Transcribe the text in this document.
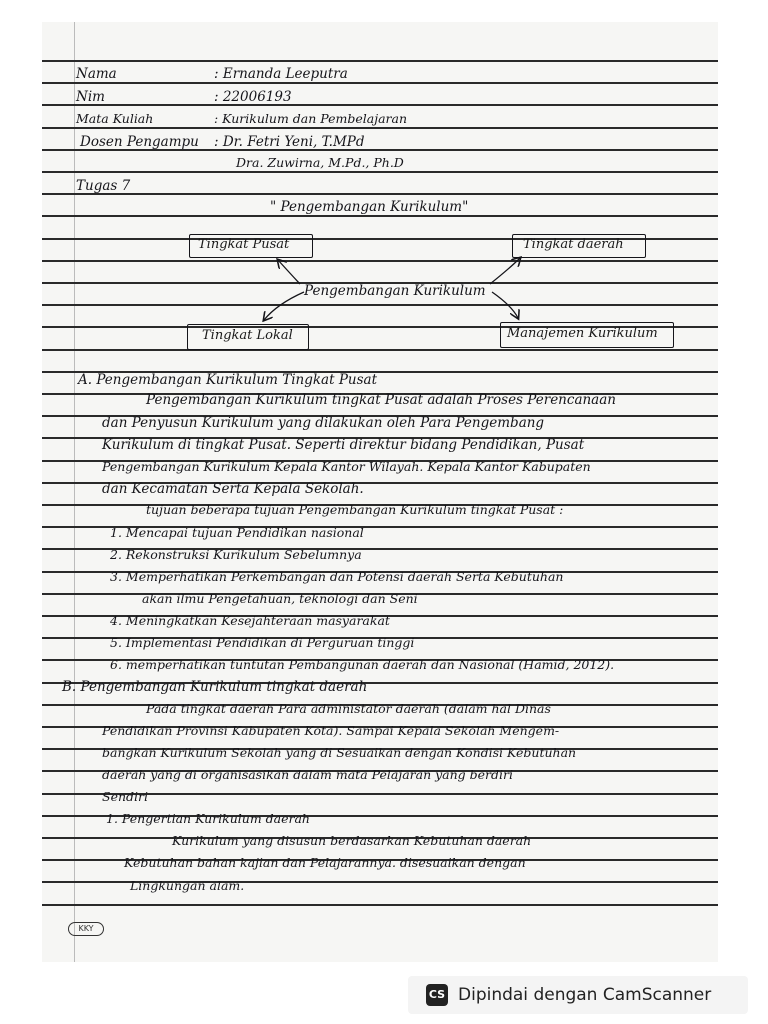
Nama	: Ernanda Leeputra
Nim	: 22006193
Mata Kuliah	: Kurikulum dan Pembelajaran
Dosen Pengampu : Dr. Fetri Yeni, T.MPd
Dra. Zuwirna, M.Pd., Ph.D
Tugas 7
" Pengembangan Kurikulum"
Tingkat Pusat	Tingkat daerah
Pengembangan Kurikulum
Tingkat Lokal	Manajemen Kurikulum
A. Pengembangan Kurikulum Tingkat Pusat
Pengembangan Kurikulum tingkat Pusat adalah Proses Perencanaan
dan Penyusun Kurikulum yang dilakukan oleh Para Pengembang
Kurikulum di tingkat Pusat. Seperti direktur bidang Pendidikan, Pusat
Pengembangan Kurikulum Kepala Kantor Wilayah. Kepala Kantor Kabupaten
dan Kecamatan Serta Kepala Sekolah.
tujuan beberapa tujuan Pengembangan Kurikulum tingkat Pusat :
1. Mencapai tujuan Pendidikan nasional
2. Rekonstruksi Kurikulum Sebelumnya
3. Memperhatikan Perkembangan dan Potensi daerah Serta Kebutuhan
akan ilmu Pengetahuan, teknologi dan Seni
4. Meningkatkan Kesejahteraan masyarakat
5. Implementasi Pendidikan di Perguruan tinggi
6. memperhatikan tuntutan Pembangunan daerah dan Nasional (Hamid, 2012).
B. Pengembangan Kurikulum tingkat daerah
Pada tingkat daerah Para administator daerah (dalam hal Dinas
Pendidikan Provinsi Kabupaten Kota). Sampai Kepala Sekolah Mengem-
bangkan Kurikulum Sekolah yang di Sesuaikan dengan Kondisi Kebutuhan
daerah yang di organisasikan dalam mata Pelajaran yang berdiri
Sendiri
1. Pengertian Kurikulum daerah
Kurikulum yang disusun berdasarkan Kebutuhan daerah
Kebutuhan bahan kajian dan Pelajarannya. disesuaikan dengan
Lingkungan alam.
KKY
CS Dipindai dengan CamScanner
